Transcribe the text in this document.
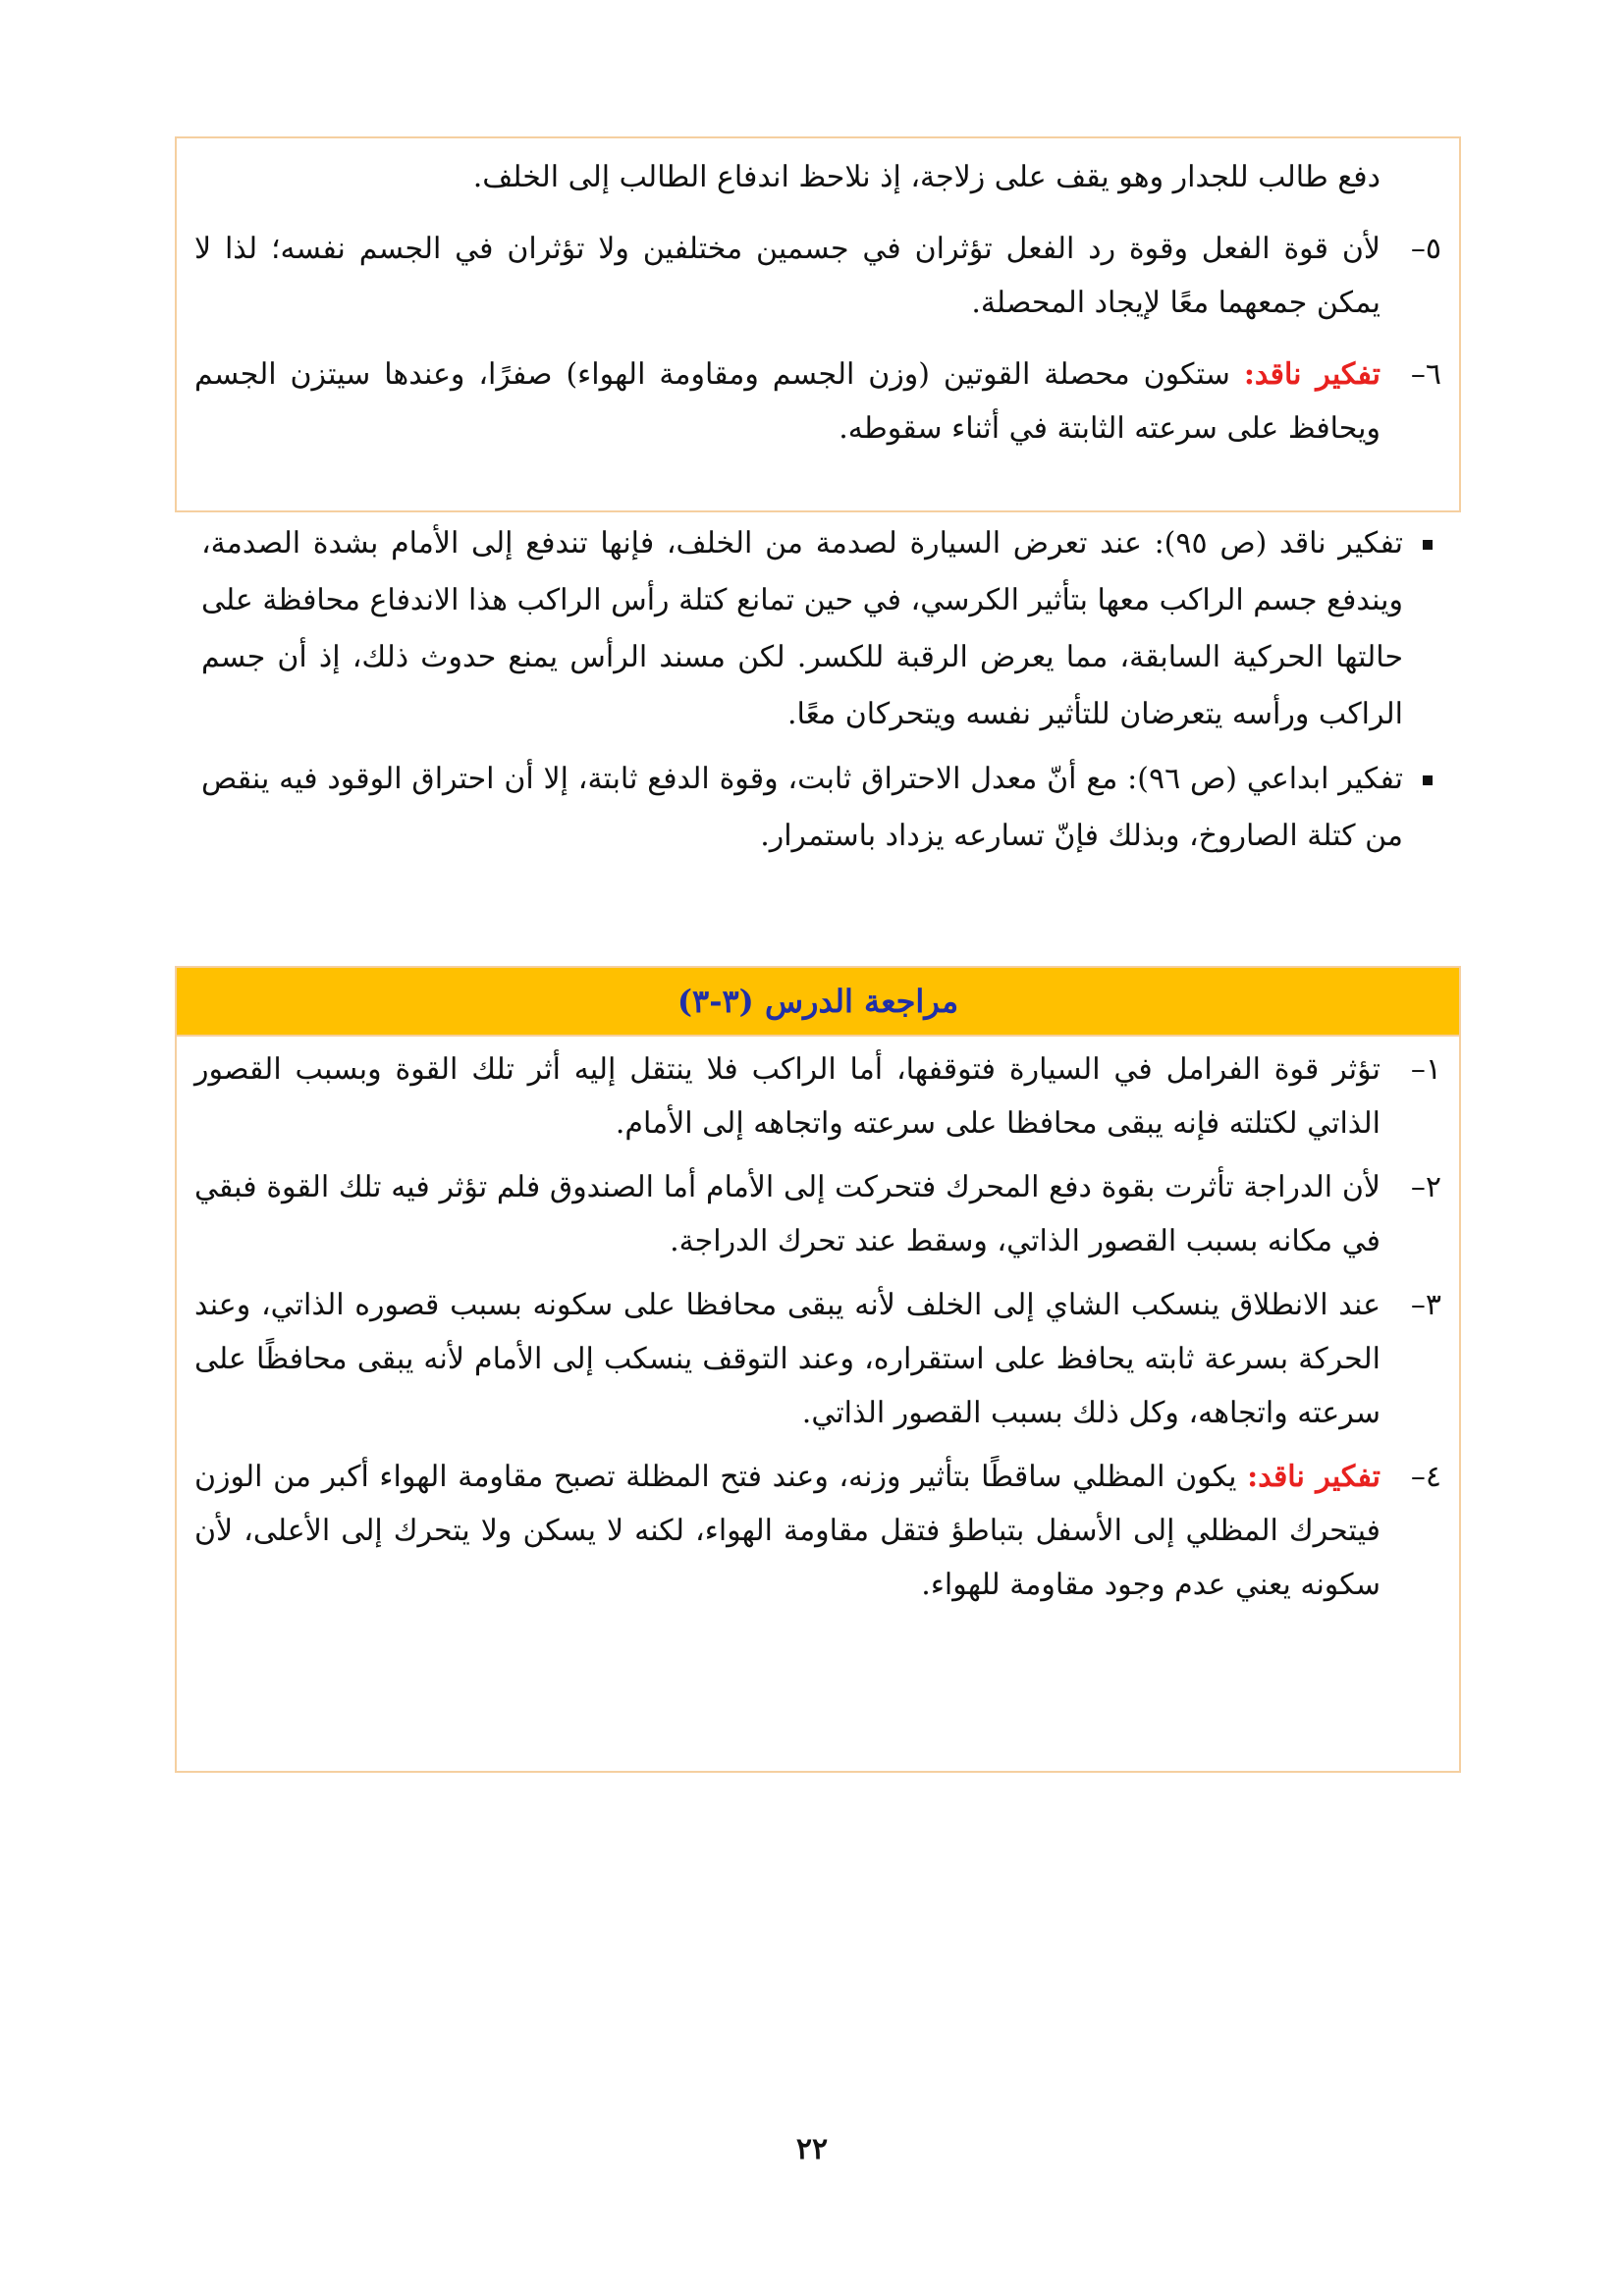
دفع طالب للجدار وهو يقف على زلاجة، إذ نلاحظ اندفاع الطالب إلى الخلف.

٥–
لأن قوة الفعل وقوة رد الفعل تؤثران في جسمين مختلفين ولا تؤثران في الجسم نفسه؛ لذا لا يمكن جمعهما معًا لإيجاد المحصلة.
٦–
تفكير ناقد: ستكون محصلة القوتين (وزن الجسم ومقاومة الهواء) صفرًا، وعندها سيتزن الجسم ويحافظ على سرعته الثابتة في أثناء سقوطه.
تفكير ناقد (ص ٩٥): عند تعرض السيارة لصدمة من الخلف، فإنها تندفع إلى الأمام بشدة الصدمة، ويندفع جسم الراكب معها بتأثير الكرسي، في حين تمانع كتلة رأس الراكب هذا الاندفاع محافظة على حالتها الحركية السابقة، مما يعرض الرقبة للكسر. لكن مسند الرأس يمنع حدوث ذلك، إذ أن جسم الراكب ورأسه يتعرضان للتأثير نفسه ويتحركان معًا.
تفكير ابداعي (ص ٩٦): مع أنّ معدل الاحتراق ثابت، وقوة الدفع ثابتة، إلا أن احتراق الوقود فيه ينقص من كتلة الصاروخ، وبذلك فإنّ تسارعه يزداد باستمرار.
مراجعة الدرس (٣-٣)
١–
تؤثر قوة الفرامل في السيارة فتوقفها، أما الراكب فلا ينتقل إليه أثر تلك القوة وبسبب القصور الذاتي لكتلته فإنه يبقى محافظا على سرعته واتجاهه إلى الأمام.
٢–
لأن الدراجة تأثرت بقوة دفع المحرك فتحركت إلى الأمام أما الصندوق فلم تؤثر فيه تلك القوة فبقي في مكانه بسبب القصور الذاتي، وسقط عند تحرك الدراجة.
٣–
عند الانطلاق ينسكب الشاي إلى الخلف لأنه يبقى محافظا على سكونه بسبب قصوره الذاتي، وعند الحركة بسرعة ثابته يحافظ على استقراره، وعند التوقف ينسكب إلى الأمام لأنه يبقى محافظًا على سرعته واتجاهه، وكل ذلك بسبب القصور الذاتي.
٤–
تفكير ناقد: يكون المظلي ساقطًا بتأثير وزنه، وعند فتح المظلة تصبح مقاومة الهواء أكبر من الوزن فيتحرك المظلي إلى الأسفل بتباطؤ فتقل مقاومة الهواء، لكنه لا يسكن ولا يتحرك إلى الأعلى، لأن سكونه يعني عدم وجود مقاومة للهواء.
٢٢
